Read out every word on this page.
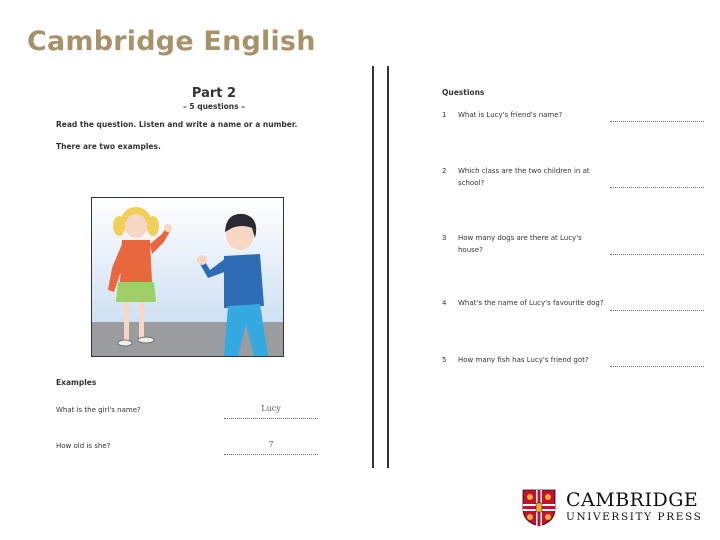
Cambridge English
Part 2
– 5 questions –
Read the question. Listen and write a name or a number.
There are two examples.
Examples
What is the girl's name?	Lucy
How old is she?	7
Questions
1 What is Lucy's friend's name?
2 Which class are the two children in at school?
3 How many dogs are there at Lucy's house?
4 What's the name of Lucy's favourite dog?
5 How many fish has Lucy's friend got?
CAMBRIDGE
UNIVERSITY PRESS
